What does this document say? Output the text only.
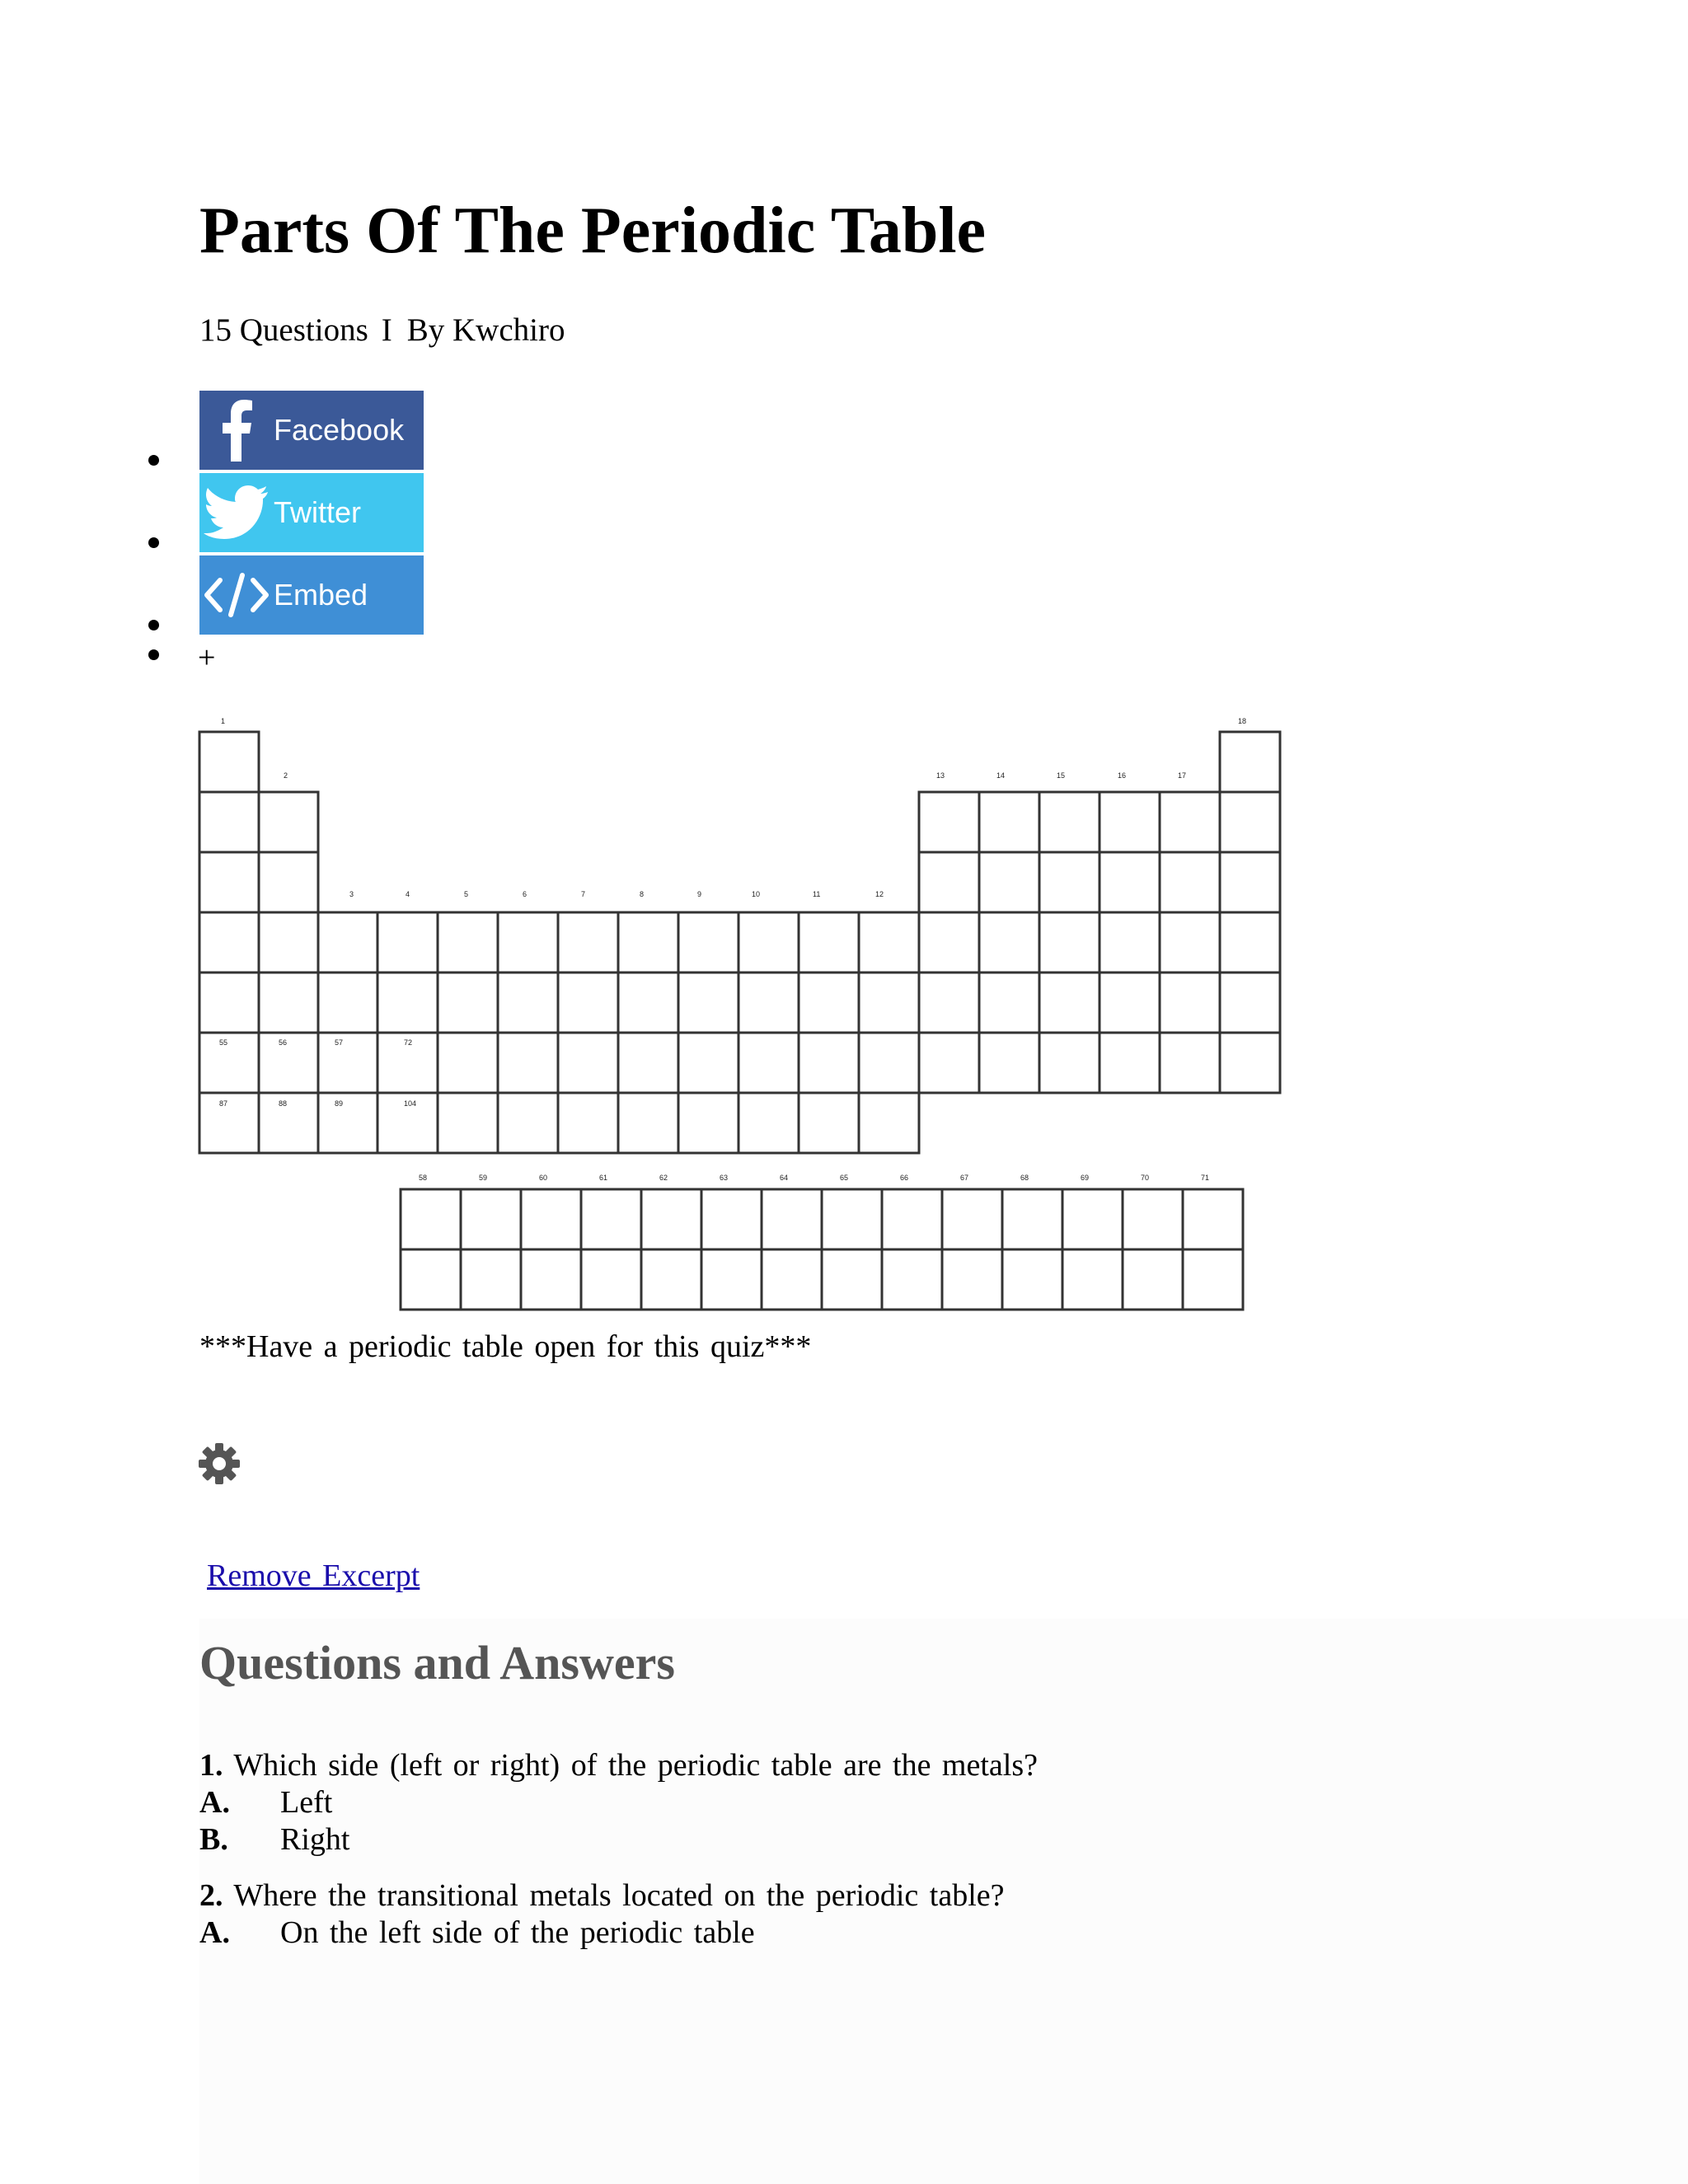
Parts Of The Periodic Table
15 Questions I By Kwchiro
Facebook
Twitter
Embed
+
1
2
3	4	5	6	7	8	9	10	11	12
13	14	15	16	17
18
55	56	57	72
87	88	89	104
58	59	60	61	62	63	64	65	66	67	68	69	70	71
***Have a periodic table open for this quiz***
Remove Excerpt
Questions and Answers
1. Which side (left or right) of the periodic table are the metals?
A. Left
B. Right
2. Where the transitional metals located on the periodic table?
A. On the left side of the periodic table
